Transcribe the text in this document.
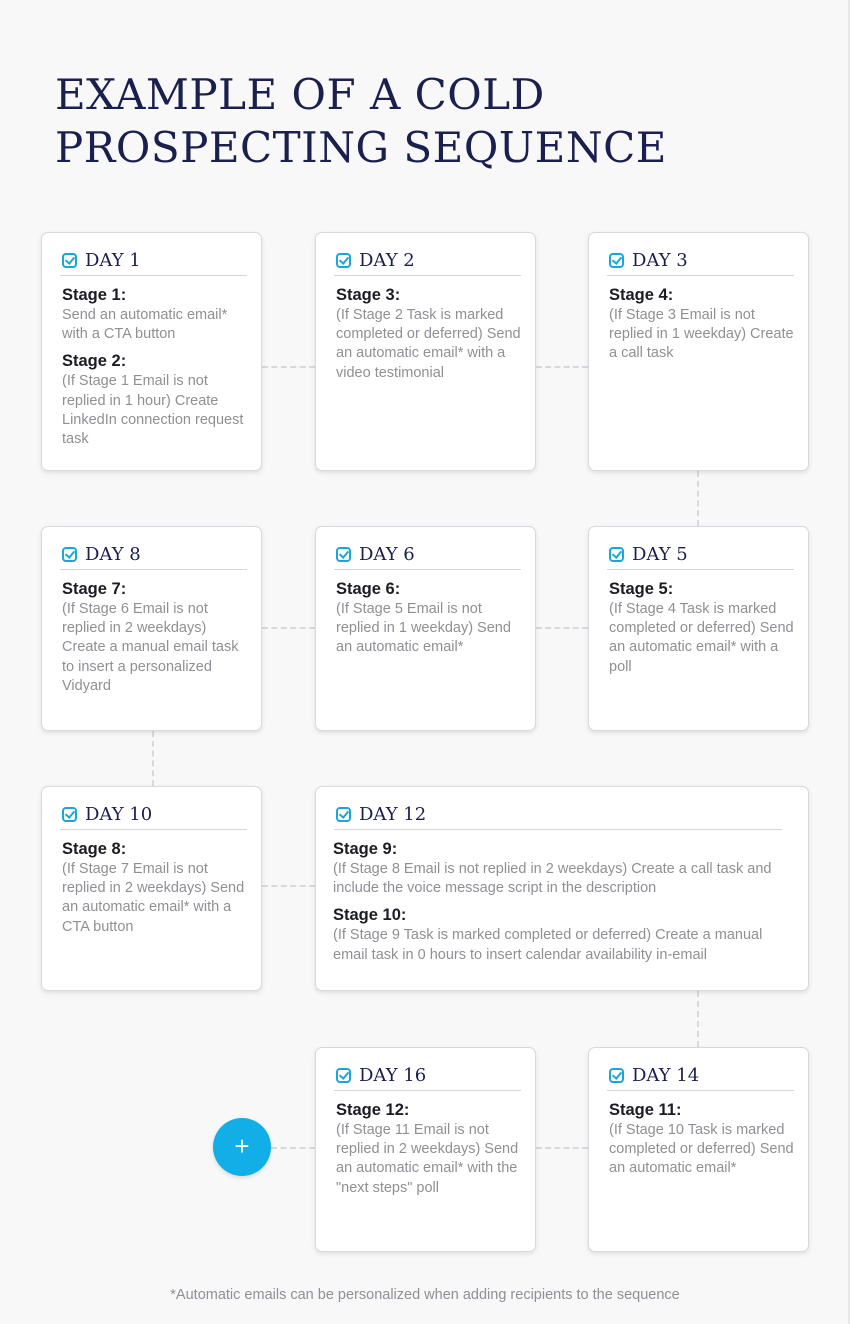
EXAMPLE OF A COLD
PROSPECTING SEQUENCE
DAY 1
Stage 1:
Send an automatic email* with a CTA button
Stage 2:
(If Stage 1 Email is not replied in 1 hour) Create LinkedIn connection request task
DAY 2
Stage 3:
(If Stage 2 Task is marked completed or deferred) Send an automatic email* with a video testimonial
DAY 3
Stage 4:
(If Stage 3 Email is not replied in 1 weekday) Create a call task
DAY 8
Stage 7:
(If Stage 6 Email is not replied in 2 weekdays) Create a manual email task to insert a personalized Vidyard
DAY 6
Stage 6:
(If Stage 5 Email is not replied in 1 weekday) Send an automatic email*
DAY 5
Stage 5:
(If Stage 4 Task is marked completed or deferred) Send an automatic email* with a poll
DAY 10
Stage 8:
(If Stage 7 Email is not replied in 2 weekdays) Send an automatic email* with a CTA button
DAY 12
Stage 9:
(If Stage 8 Email is not replied in 2 weekdays) Create a call task and include the voice message script in the description
Stage 10:
(If Stage 9 Task is marked completed or deferred) Create a manual email task in 0 hours to insert calendar availability in-email
DAY 16
Stage 12:
(If Stage 11 Email is not replied in 2 weekdays) Send an automatic email* with the "next steps" poll
DAY 14
Stage 11:
(If Stage 10 Task is marked completed or deferred) Send an automatic email*
+
*Automatic emails can be personalized when adding recipients to the sequence
